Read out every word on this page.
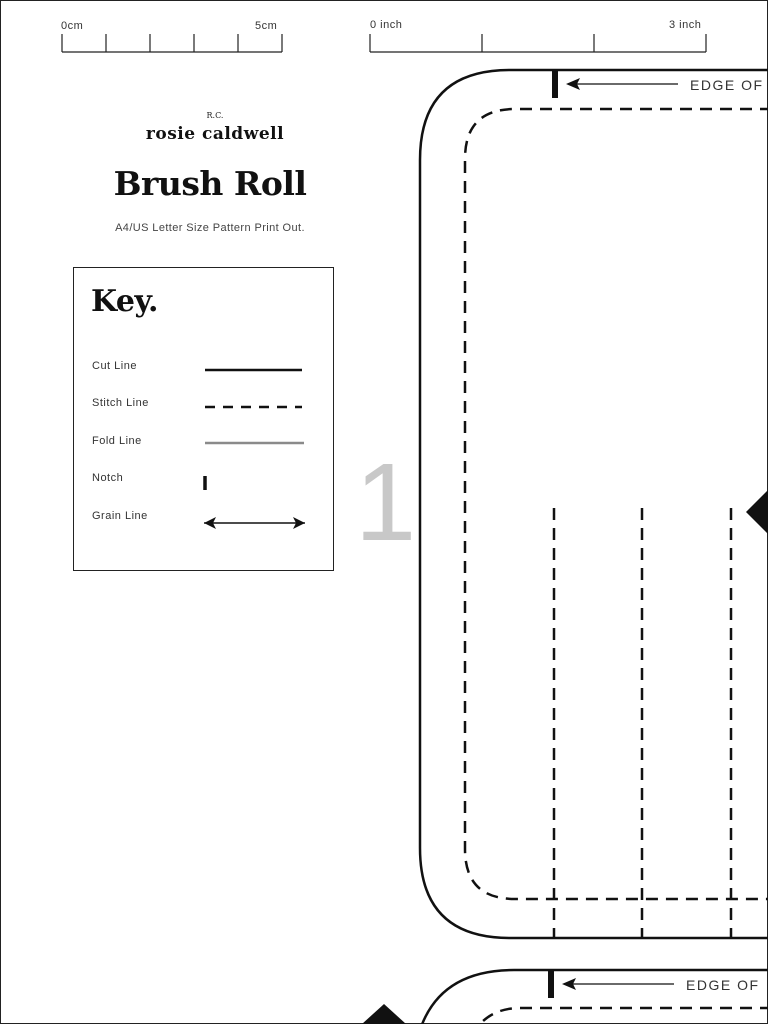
0cm	5cm	0 inch	3 inch
R.C.
rosie caldwell
Brush Roll
A4/US Letter Size Pattern Print Out.
Key.
Cut Line
Stitch Line
Fold Line
Notch
Grain Line 1
EDGE OF
EDGE OF
